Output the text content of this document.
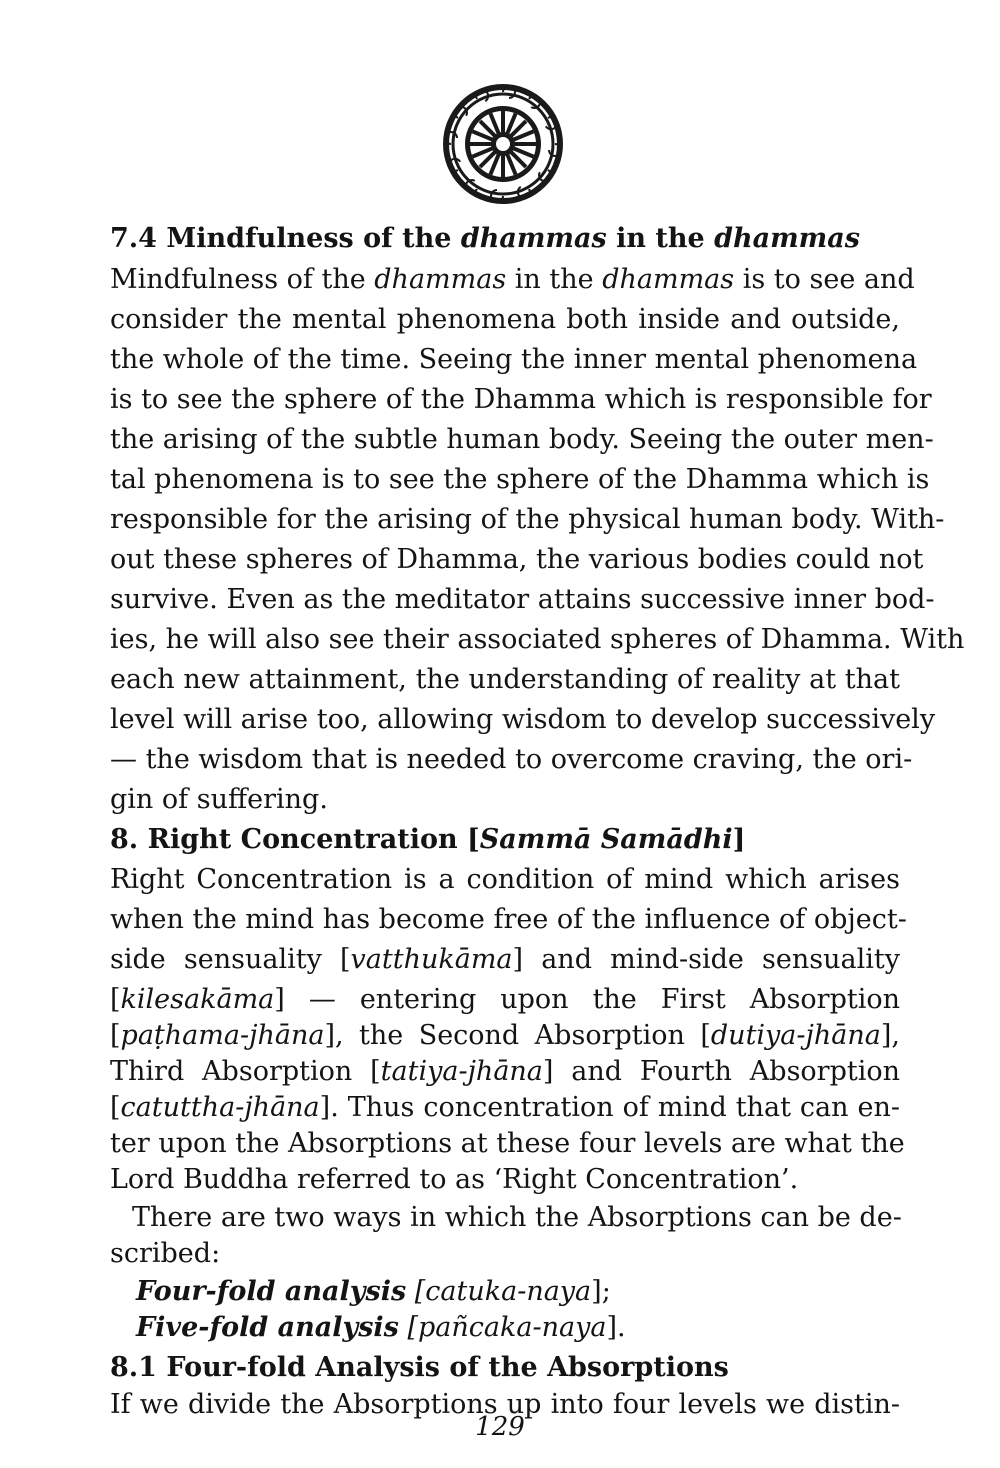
7.4 Mindfulness of the dhammas in the dhammas
Mindfulness of the dhammas in the dhammas is to see and
consider the mental phenomena both inside and outside,
the whole of the time. Seeing the inner mental phenomena
is to see the sphere of the Dhamma which is responsible for
the arising of the subtle human body. Seeing the outer men-
tal phenomena is to see the sphere of the Dhamma which is
responsible for the arising of the physical human body. With-
out these spheres of Dhamma, the various bodies could not
survive. Even as the meditator attains successive inner bod-
ies, he will also see their associated spheres of Dhamma. With
each new attainment, the understanding of reality at that
level will arise too, allowing wisdom to develop successively
— the wisdom that is needed to overcome craving, the ori-
gin of suffering.
8. Right Concentration [Sammā Samādhi]
Right Concentration is a condition of mind which arises
when the mind has become free of the influence of object-
side sensuality [vatthukāma] and mind-side sensuality
[kilesakāma] — entering upon the First Absorption
[paṭhama-jhāna], the Second Absorption [dutiya-jhāna],
Third Absorption [tatiya-jhāna] and Fourth Absorption
[catuttha-jhāna]. Thus concentration of mind that can en-
ter upon the Absorptions at these four levels are what the
Lord Buddha referred to as ‘Right Concentration’.
There are two ways in which the Absorptions can be de-
scribed:
Four-fold analysis [catuka-naya];
Five-fold analysis [pañcaka-naya].
8.1 Four-fold Analysis of the Absorptions
If we divide the Absorptions up into four levels we distin-
129
